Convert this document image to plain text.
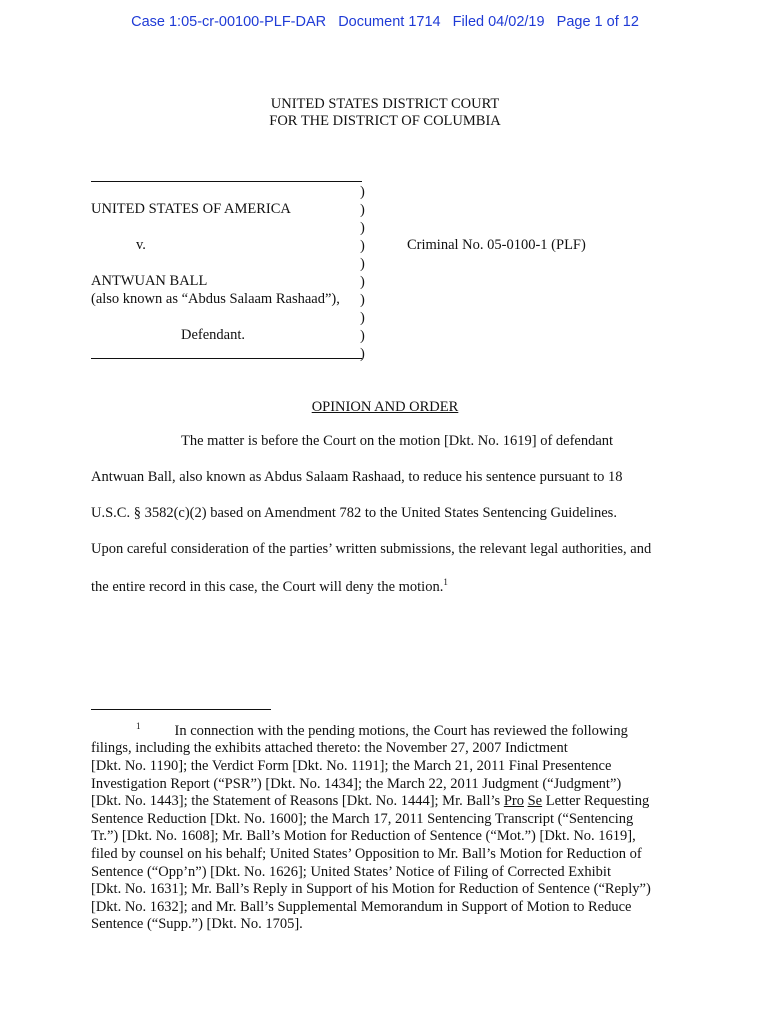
Case 1:05-cr-00100-PLF-DAR   Document 1714   Filed 04/02/19   Page 1 of 12
UNITED STATES DISTRICT COURT
FOR THE DISTRICT OF COLUMBIA
UNITED STATES OF AMERICA
v.
ANTWUAN BALL
(also known as “Abdus Salaam Rashaad”),
Defendant.
)
)
)
)
)
)
)
)
)
)
Criminal No. 05-0100-1 (PLF)
OPINION AND ORDER
The matter is before the Court on the motion [Dkt. No. 1619] of defendant
Antwuan Ball, also known as Abdus Salaam Rashaad, to reduce his sentence pursuant to 18
U.S.C. § 3582(c)(2) based on Amendment 782 to the United States Sentencing Guidelines.
Upon careful consideration of the parties’ written submissions, the relevant legal authorities, and
the entire record in this case, the Court will deny the motion.$^1$
$^1$ In connection with the pending motions, the Court has reviewed the following
filings, including the exhibits attached thereto: the November 27, 2007 Indictment
[Dkt. No. 1190]; the Verdict Form [Dkt. No. 1191]; the March 21, 2011 Final Presentence
Investigation Report (“PSR”) [Dkt. No. 1434]; the March 22, 2011 Judgment (“Judgment”)
[Dkt. No. 1443]; the Statement of Reasons [Dkt. No. 1444]; Mr. Ball’s Pro Se Letter Requesting
Sentence Reduction [Dkt. No. 1600]; the March 17, 2011 Sentencing Transcript (“Sentencing
Tr.”) [Dkt. No. 1608]; Mr. Ball’s Motion for Reduction of Sentence (“Mot.”) [Dkt. No. 1619],
filed by counsel on his behalf; United States’ Opposition to Mr. Ball’s Motion for Reduction of
Sentence (“Opp’n”) [Dkt. No. 1626]; United States’ Notice of Filing of Corrected Exhibit
[Dkt. No. 1631]; Mr. Ball’s Reply in Support of his Motion for Reduction of Sentence (“Reply”)
[Dkt. No. 1632]; and Mr. Ball’s Supplemental Memorandum in Support of Motion to Reduce
Sentence (“Supp.”) [Dkt. No. 1705].
